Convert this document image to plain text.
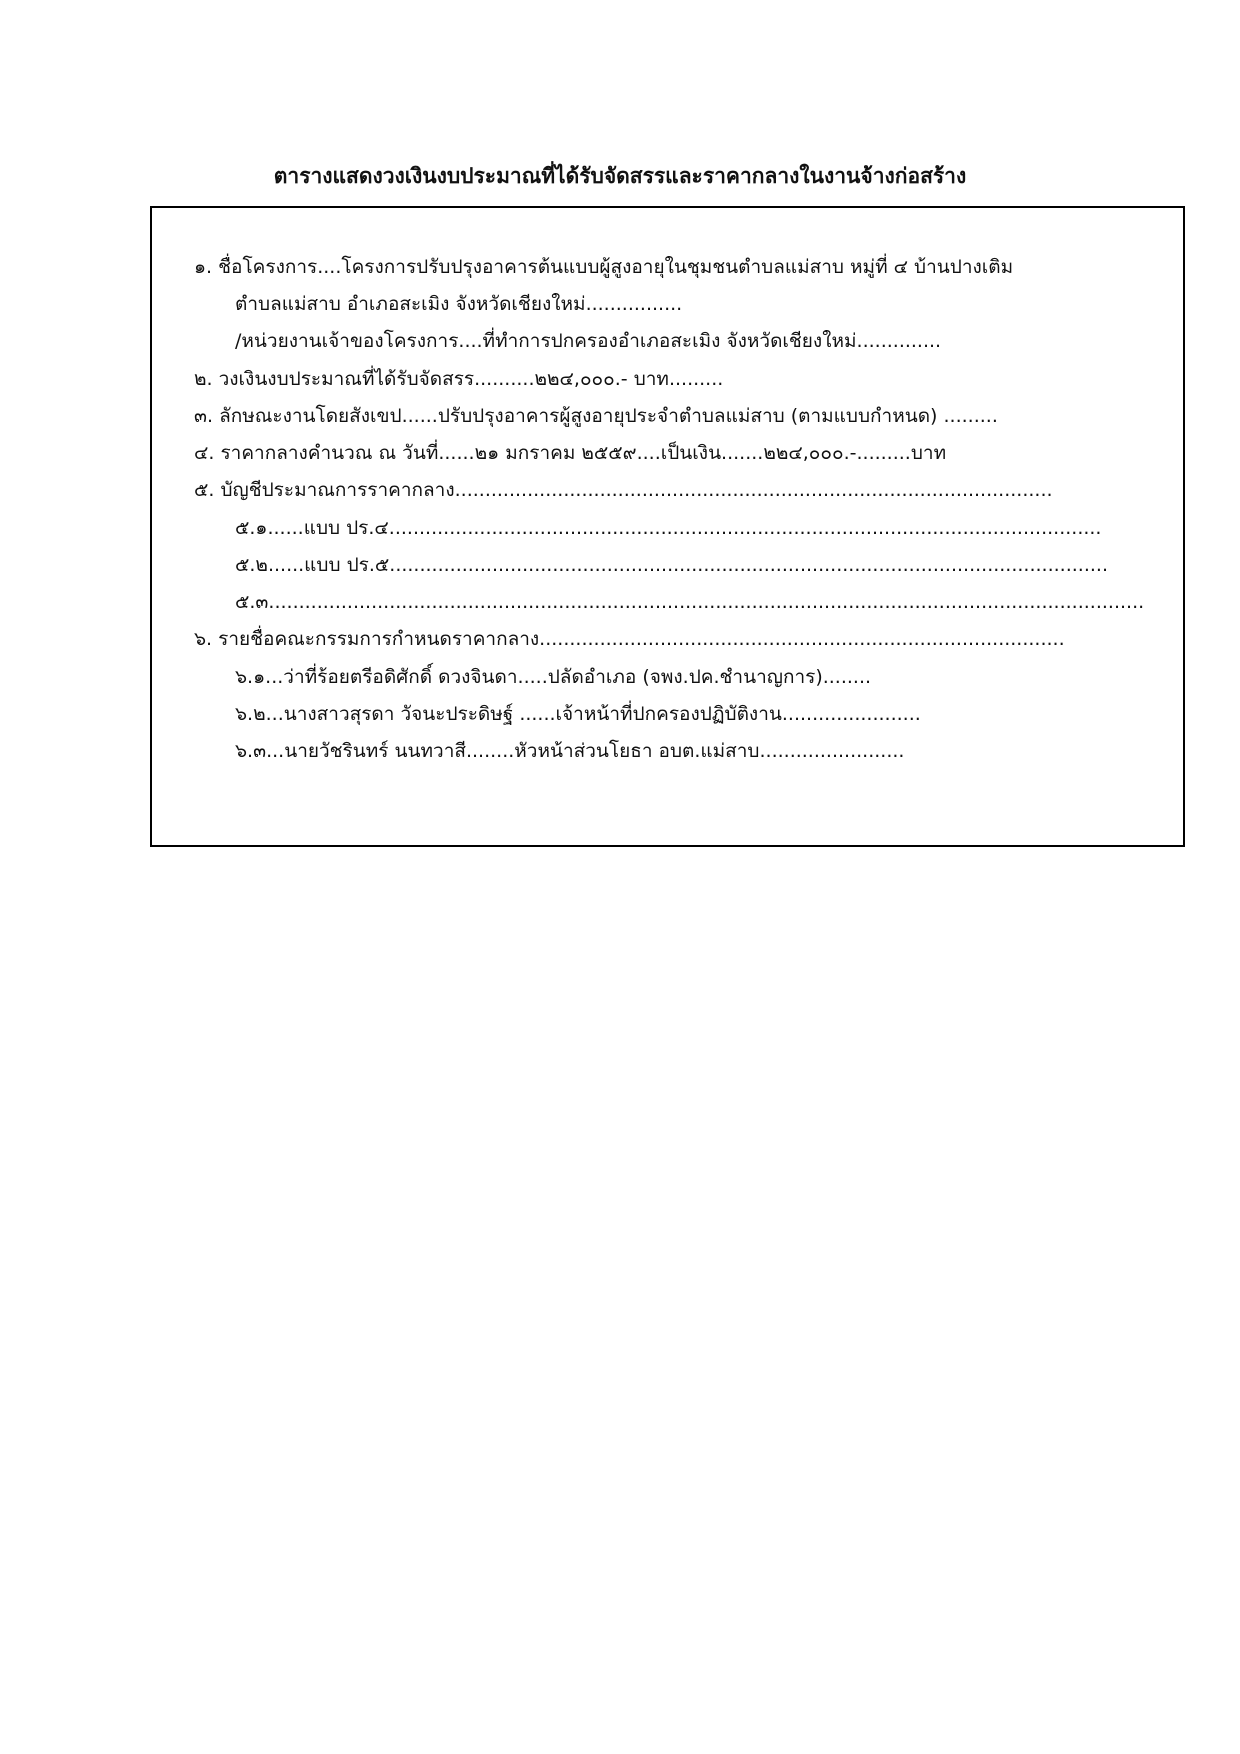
ตารางแสดงวงเงินงบประมาณที่ได้รับจัดสรรและราคากลางในงานจ้างก่อสร้าง
๑. ชื่อโครงการ....โครงการปรับปรุงอาคารต้นแบบผู้สูงอายุในชุมชนตำบลแม่สาบ หมู่ที่ ๔ บ้านปางเติม
ตำบลแม่สาบ อำเภอสะเมิง จังหวัดเชียงใหม่................
/หน่วยงานเจ้าของโครงการ....ที่ทำการปกครองอำเภอสะเมิง จังหวัดเชียงใหม่..............
๒. วงเงินงบประมาณที่ได้รับจัดสรร..........๒๒๔,๐๐๐.- บาท.........
๓. ลักษณะงานโดยสังเขป......ปรับปรุงอาคารผู้สูงอายุประจำตำบลแม่สาบ (ตามแบบกำหนด) .........
๔. ราคากลางคำนวณ ณ วันที่......๒๑ มกราคม ๒๕๕๙....เป็นเงิน.......๒๒๔,๐๐๐.-.........บาท
๕. บัญชีประมาณการราคากลาง...................................................................................................
๕.๑......แบบ ปร.๔......................................................................................................................
๕.๒......แบบ ปร.๕.......................................................................................................................
๕.๓.................................................................................................................................................
๖. รายชื่อคณะกรรมการกำหนดราคากลาง.......................................................................................
๖.๑...ว่าที่ร้อยตรีอดิศักดิ์ ดวงจินดา.....ปลัดอำเภอ (จพง.ปค.ชำนาญการ)........
๖.๒...นางสาวสุรดา วัจนะประดิษฐ์ ......เจ้าหน้าที่ปกครองปฏิบัติงาน.......................
๖.๓...นายวัชรินทร์ นนทวาสี........หัวหน้าส่วนโยธา อบต.แม่สาบ........................
